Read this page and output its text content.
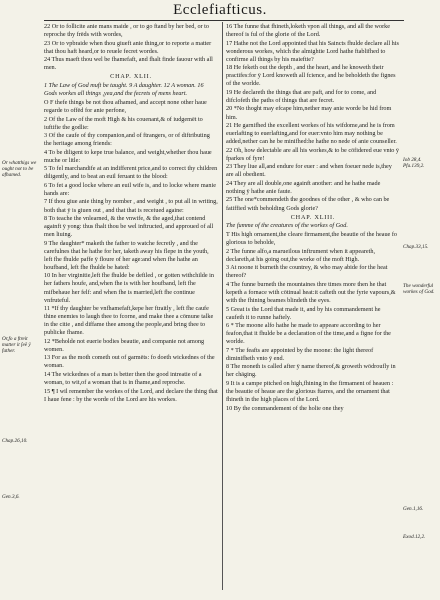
Ecclefiafticus.
Or whatthigs we ought not to be afhamed.
Or,fo a ftreit matter it ſeẽ ȳ father.
Chap.26,10.
Gen.3,6.
Iob 28,4. Pfa.139,2.
Chap.33,15.
The wonderful workes of God.
Gen.1,16.
Exod.12,2.

22 Or to follicite anie mans maide , or to go ftand by her bed, or to reproche thy frēds with wordes,

23 Or to vpbraide when thou giueft anie thing,or to reporte a matter that thou haft heard,or to reuele fecret wordes.

24 Thus maeft thou wel be fhamefaft, and fhalt finde fauour with all men.

CHAP. XLII.

1 The Law of God muft be taught. 9 A daughter. 12 A woman. 16 Gods workes all things ,yea,and the fecrets of mens heart.

O F thefe things be not thou afhamed, and accept none other haue regarde to offēd for anie perfone,

2 Of the Law of the moft High & his couenant,& of iudgemēt to iuftifie the godlie:

3 Of the caufe of thy companion,and of ftrangers, or of diftributing the heritage among friends:

4 To be diligent to kepe true balance, and weight,whether thou haue muche or litle:

5 To fel marchandife at an indifferent price,and to correct thy children diligently, and to beat an euil feruant to the blood:

6 To fet a good locke where an euil wife is, and to locke where manie hands are:

7 If thou giue anie thing by nomber , and weight , to put all in writing, both that ȳ is giuen out , and that that is receiued againe:

8 To teache the vnlearned, & the vnwife, & the aged,that contend againft ȳ yong: thus fhalt thou be wel inftructed, and approued of all men liuing.

9 The daughter* maketh the father to watche fecretly , and the carefulnes that he hathe for her, taketh away his flepe in the youth, left fhe fhulde paffe ȳ floure of her age:and when fhe hathe an houfband, left fhe fhulde be hated:

10 In her virginitie,left fhe fhulde be defiled , or gotten withchilde in her fathers houfe, and,when fhe is with her houfband, left fhe mifbehaue her felf: and when fhe is married,left fhe continue vnfruteful.

11 *If thy daughter be vnfhamefaft,kepe her ftraitly , left fhe caufe thine enemies to laugh thee to fcorne, and make thee a cōmune talke in the citie , and diffame thee among the people,and bring thee to publicke fhame.

12 *Beholde not euerie bodies beautie, and companie not among women.

13 For as the moth cometh out of garmēts: fo doeth wickednes of the woman.

14 The wickednes of a man is better then the good intreatie of a woman, to wit,of a woman that is in fhame,and reproche.

15 ¶ I wil remember the workes of the Lord, and declare the thing that I haue fene : by the worde of the Lord are his workes.

16 The funne that fhineth,loketh vpon all things, and all the worke thereof is ful of the glorie of the Lord.

17 Hathe not the Lord appointed that his Saincts fhulde declare all his wonderous workes, which the almightie Lord hathe ftablifhed to confirme all things by his maieftie?

18 He feketh out the depth , and the heart, and he knoweth their practifes:for ȳ Lord knoweth all fcience, and he beholdeth the fignes of the worlde.

19 He declareth the things that are paft, and for to come, and difclofeth the paths of things that are fecret.

20 *No thoght may efcape him,nether may anie worde be hid from him.

21 He garnifhed the excellent workes of his wifdome,and he is from euerlafting to euerlafting,and for euer:vnto him may nothing be added,nether can he be minifhed:he hathe no nede of anie counseller.

22 Oh, how delectable are all his workes,& to be cōfidered eue vnto ȳ fparkes of fyre!

23 They liue all,and endure for euer : and when foeuer nede is,they are all obedient.

24 They are all double,one againft another: and he hathe made nothing ȳ hathe anie faute.

25 The one*commendeth the goodnes of the other , & who can be fatiffied with beholding Gods glorie?

CHAP. XLIII.

The fumme of the creatures of the workes of God.

T His high ornament,the cleare firmament,the beautie of the heaue fo glorious to beholde,

2 The funne alfo,a marueilous inftrument when it appeareth, declareth,at his going out,the worke of the moft High.

3 At noone it burneth the countrey, & who may abide for the heat thereof?

4 The funne burneth the mountaines thre times more then he that kepeth a fornace with cōtinual heat:it cafteth out the fyrie vapours,& with the fhining beames blindeth the eyes.

5 Great is the Lord that made it, and by his commandement he caufeth it to runne haftely.

6 * The moone alfo hathe he made to appeare according to her feafon,that it fhulde be a declaration of the time,and a figne for the worlde.

7 * The feafts are appointed by the moone: the light thereof diminifheth vnto ȳ end.

8 The moneth is called after ȳ name thereof,& groweth wōdroufly in her chāging.

9 It is a campe pitched on high,fhining in the firmament of heauen : the beautie of heaue are the glorious ftarres, and the ornament that fhineth in the high places of the Lord.

10 By the commandement of the holie one they
